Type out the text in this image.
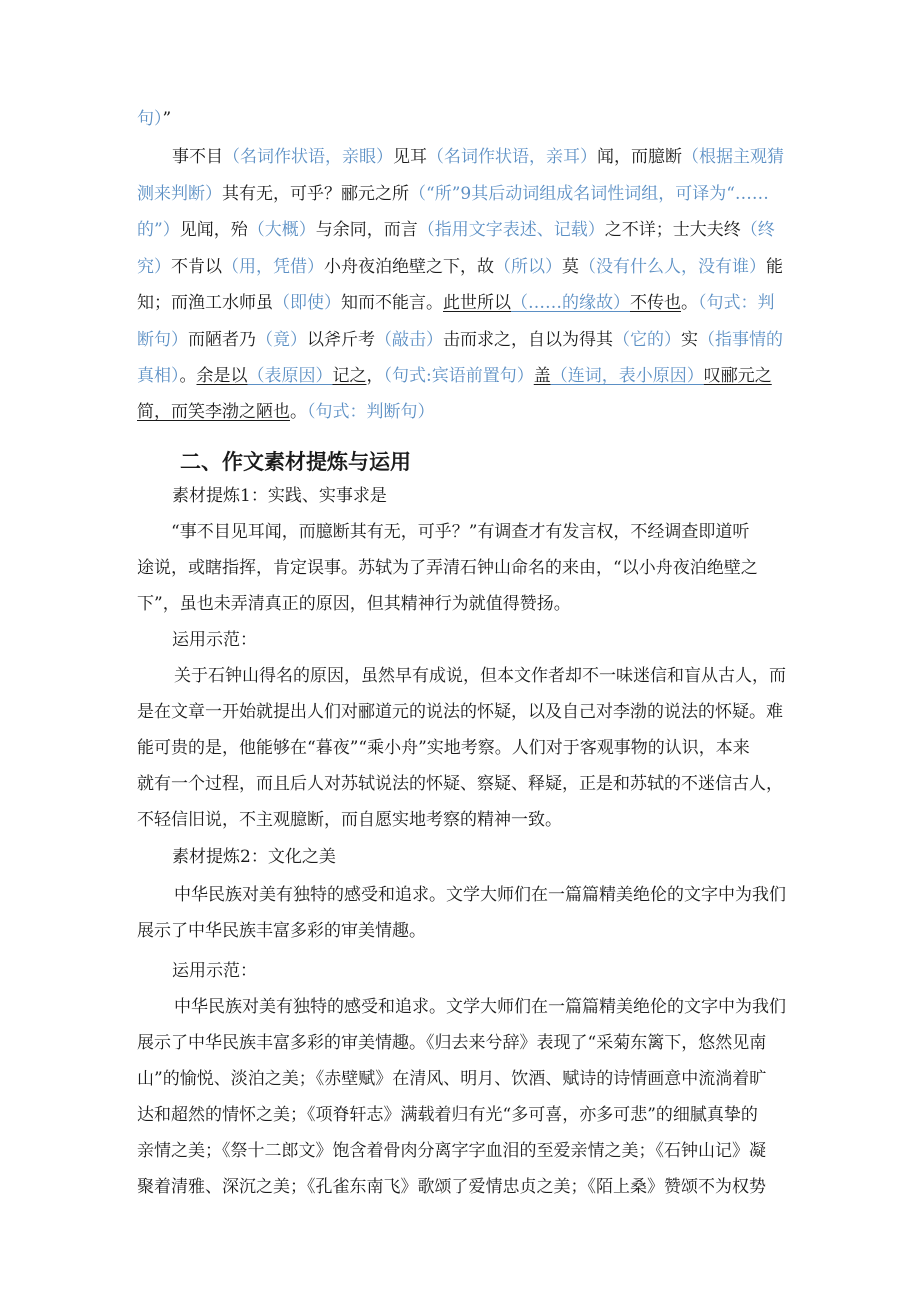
句）”
事不目（名词作状语，亲眼）见耳（名词作状语，亲耳）闻，而臆断（根据主观猜
测来判断）其有无，可乎？郦元之所（“所”9其后动词组成名词性词组，可译为“……
的”）见闻，殆（大概）与余同，而言（指用文字表述、记载）之不详；士大夫终（终
究）不肯以（用，凭借）小舟夜泊绝壁之下，故（所以）莫（没有什么人，没有谁）能
知；而渔工水师虽（即使）知而不能言。此世所以（……的缘故）不传也。（句式：判
断句）而陋者乃（竟）以斧斤考（敲击）击而求之，自以为得其（它的）实（指事情的
真相）。余是以（表原因）记之，（句式:宾语前置句）盖（连词，表小原因）叹郦元之
简，而笑李渤之陋也。（句式：判断句）
二、作文素材提炼与运用
素材提炼1：实践、实事求是
“事不目见耳闻，而臆断其有无，可乎？”有调查才有发言权，不经调查即道听
途说，或瞎指挥，肯定误事。苏轼为了弄清石钟山命名的来由，“以小舟夜泊绝壁之
下”，虽也未弄清真正的原因，但其精神行为就值得赞扬。
运用示范：
关于石钟山得名的原因，虽然早有成说，但本文作者却不一味迷信和盲从古人，而
是在文章一开始就提出人们对郦道元的说法的怀疑，以及自己对李渤的说法的怀疑。难
能可贵的是，他能够在“暮夜”“乘小舟”实地考察。人们对于客观事物的认识，本来
就有一个过程，而且后人对苏轼说法的怀疑、察疑、释疑，正是和苏轼的不迷信古人，
不轻信旧说，不主观臆断，而自愿实地考察的精神一致。
素材提炼2：文化之美
中华民族对美有独特的感受和追求。文学大师们在一篇篇精美绝伦的文字中为我们
展示了中华民族丰富多彩的审美情趣。
运用示范：
中华民族对美有独特的感受和追求。文学大师们在一篇篇精美绝伦的文字中为我们
展示了中华民族丰富多彩的审美情趣。《归去来兮辞》表现了“采菊东篱下，悠然见南
山”的愉悦、淡泊之美；《赤壁赋》在清风、明月、饮酒、赋诗的诗情画意中流淌着旷
达和超然的情怀之美；《项脊轩志》满载着归有光“多可喜，亦多可悲”的细腻真挚的
亲情之美；《祭十二郎文》饱含着骨肉分离字字血泪的至爱亲情之美；《石钟山记》凝
聚着清雅、深沉之美；《孔雀东南飞》歌颂了爱情忠贞之美；《陌上桑》赞颂不为权势
